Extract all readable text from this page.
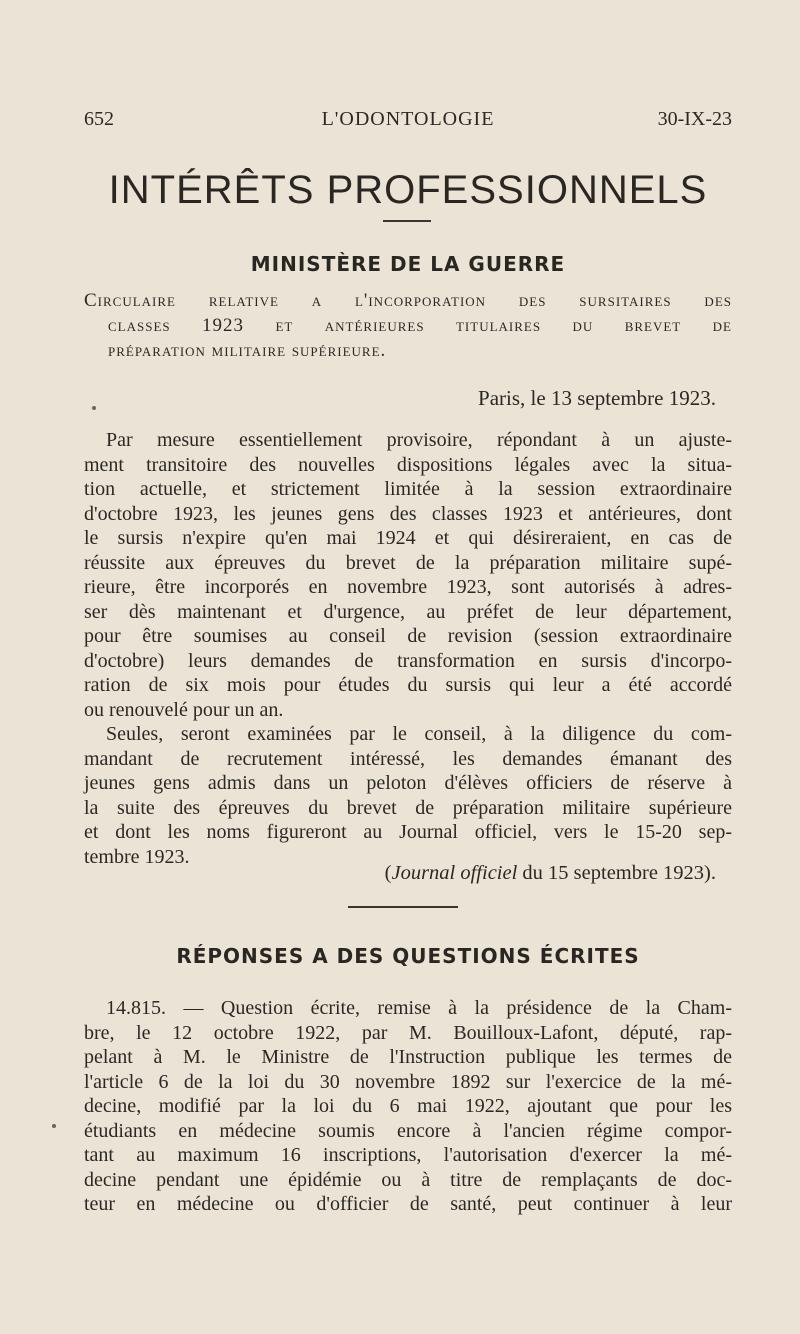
652	L'ODONTOLOGIE	30-IX-23
INTÉRÊTS PROFESSIONNELS
MINISTÈRE DE LA GUERRE
Circulaire relative a l'incorporation des sursitaires des
classes 1923 et antérieures titulaires du brevet de
préparation militaire supérieure.
Paris, le 13 septembre 1923.
Par mesure essentiellement provisoire, répondant à un ajuste-
ment transitoire des nouvelles dispositions légales avec la situa-
tion actuelle, et strictement limitée à la session extraordinaire
d'octobre 1923, les jeunes gens des classes 1923 et antérieures, dont
le sursis n'expire qu'en mai 1924 et qui désireraient, en cas de
réussite aux épreuves du brevet de la préparation militaire supé-
rieure, être incorporés en novembre 1923, sont autorisés à adres-
ser dès maintenant et d'urgence, au préfet de leur département,
pour être soumises au conseil de revision (session extraordinaire
d'octobre) leurs demandes de transformation en sursis d'incorpo-
ration de six mois pour études du sursis qui leur a été accordé
ou renouvelé pour un an.
Seules, seront examinées par le conseil, à la diligence du com-
mandant de recrutement intéressé, les demandes émanant des
jeunes gens admis dans un peloton d'élèves officiers de réserve à
la suite des épreuves du brevet de préparation militaire supérieure
et dont les noms figureront au Journal officiel, vers le 15-20 sep-
tembre 1923.
(Journal officiel du 15 septembre 1923).
RÉPONSES A DES QUESTIONS ÉCRITES
14.815. — Question écrite, remise à la présidence de la Cham-
bre, le 12 octobre 1922, par M. Bouilloux-Lafont, député, rap-
pelant à M. le Ministre de l'Instruction publique les termes de
l'article 6 de la loi du 30 novembre 1892 sur l'exercice de la mé-
decine, modifié par la loi du 6 mai 1922, ajoutant que pour les
étudiants en médecine soumis encore à l'ancien régime compor-
tant au maximum 16 inscriptions, l'autorisation d'exercer la mé-
decine pendant une épidémie ou à titre de remplaçants de doc-
teur en médecine ou d'officier de santé, peut continuer à leur
